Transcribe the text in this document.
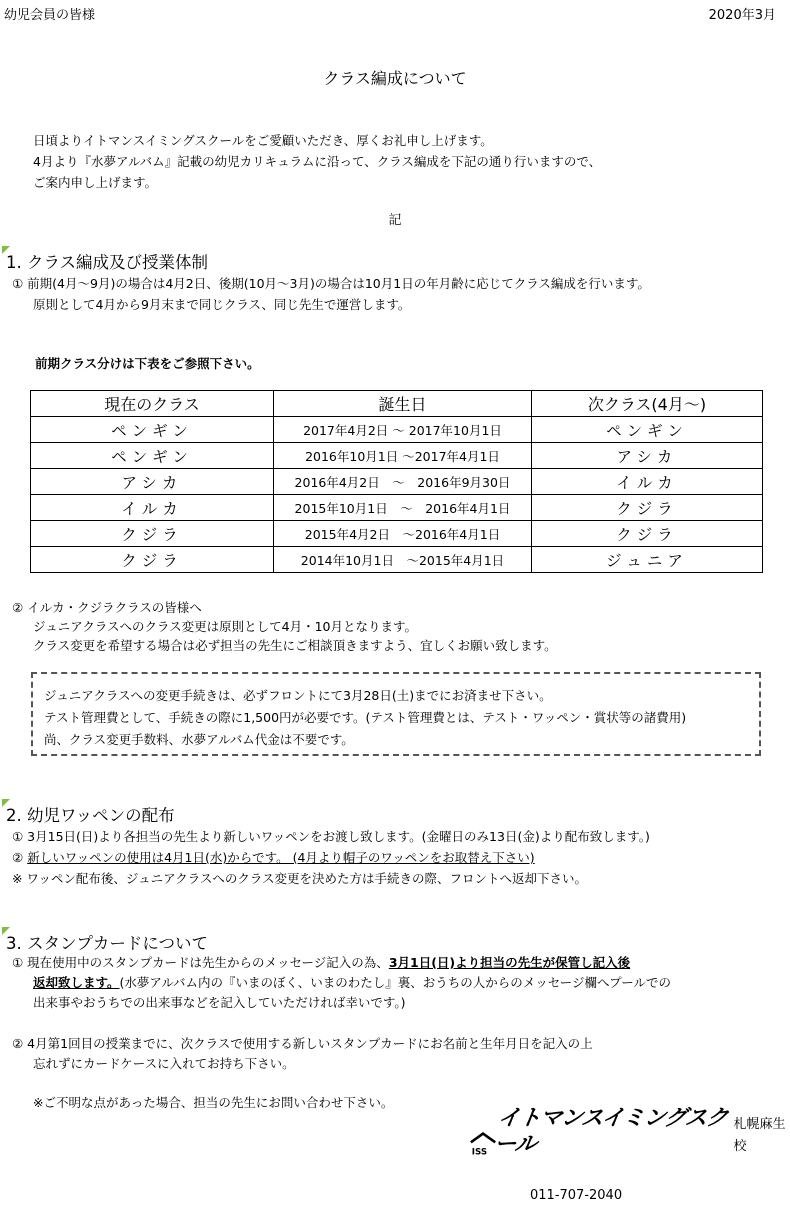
幼児会員の皆様	2020年3月
クラス編成について
日頃よりイトマンスイミングスクールをご愛顧いただき、厚くお礼申し上げます。
4月より『水夢アルバム』記載の幼児カリキュラムに沿って、クラス編成を下記の通り行いますので、
ご案内申し上げます。
記
1. クラス編成及び授業体制
① 前期(4月～9月)の場合は4月2日、後期(10月～3月)の場合は10月1日の年月齢に応じてクラス編成を行います。
原則として4月から9月末まで同じクラス、同じ先生で運営します。
前期クラス分けは下表をご参照下さい。
現在のクラス	誕生日	次クラス(4月～)
ペンギン	2017年4月2日 ～ 2017年10月1日	ペンギン
ペンギン	2016年10月1日 ～2017年4月1日	アシカ
アシカ	2016年4月2日　～　2016年9月30日	イルカ
イルカ	2015年10月1日　～　2016年4月1日	クジラ
クジラ	2015年4月2日　～2016年4月1日	クジラ
クジラ	2014年10月1日　～2015年4月1日	ジュニア
② イルカ・クジラクラスの皆様へ
ジュニアクラスへのクラス変更は原則として4月・10月となります。
クラス変更を希望する場合は必ず担当の先生にご相談頂きますよう、宜しくお願い致します。
ジュニアクラスへの変更手続きは、必ずフロントにて3月28日(土)までにお済ませ下さい。
テスト管理費として、手続きの際に1,500円が必要です。(テスト管理費とは、テスト・ワッペン・賞状等の諸費用)
尚、クラス変更手数料、水夢アルバム代金は不要です。
2. 幼児ワッペンの配布
① 3月15日(日)より各担当の先生より新しいワッペンをお渡し致します。(金曜日のみ13日(金)より配布致します。)
② 新しいワッペンの使用は4月1日(水)からです。 (4月より帽子のワッペンをお取替え下さい)
※ ワッペン配布後、ジュニアクラスへのクラス変更を決めた方は手続きの際、フロントへ返却下さい。
3. スタンプカードについて
① 現在使用中のスタンプカードは先生からのメッセージ記入の為、3月1日(日)より担当の先生が保管し記入後
返却致します。(水夢アルバム内の『いまのぼく、いまのわたし』裏、おうちの人からのメッセージ欄へプールでの
出来事やおうちでの出来事などを記入していただければ幸いです。)
② 4月第1回目の授業までに、次クラスで使用する新しいスタンプカードにお名前と生年月日を記入の上
忘れずにカードケースに入れてお持ち下さい。
※ご不明な点があった場合、担当の先生にお問い合わせ下さい。
ISS
イトマンスイミングスクール
札幌麻生校
011-707-2040
